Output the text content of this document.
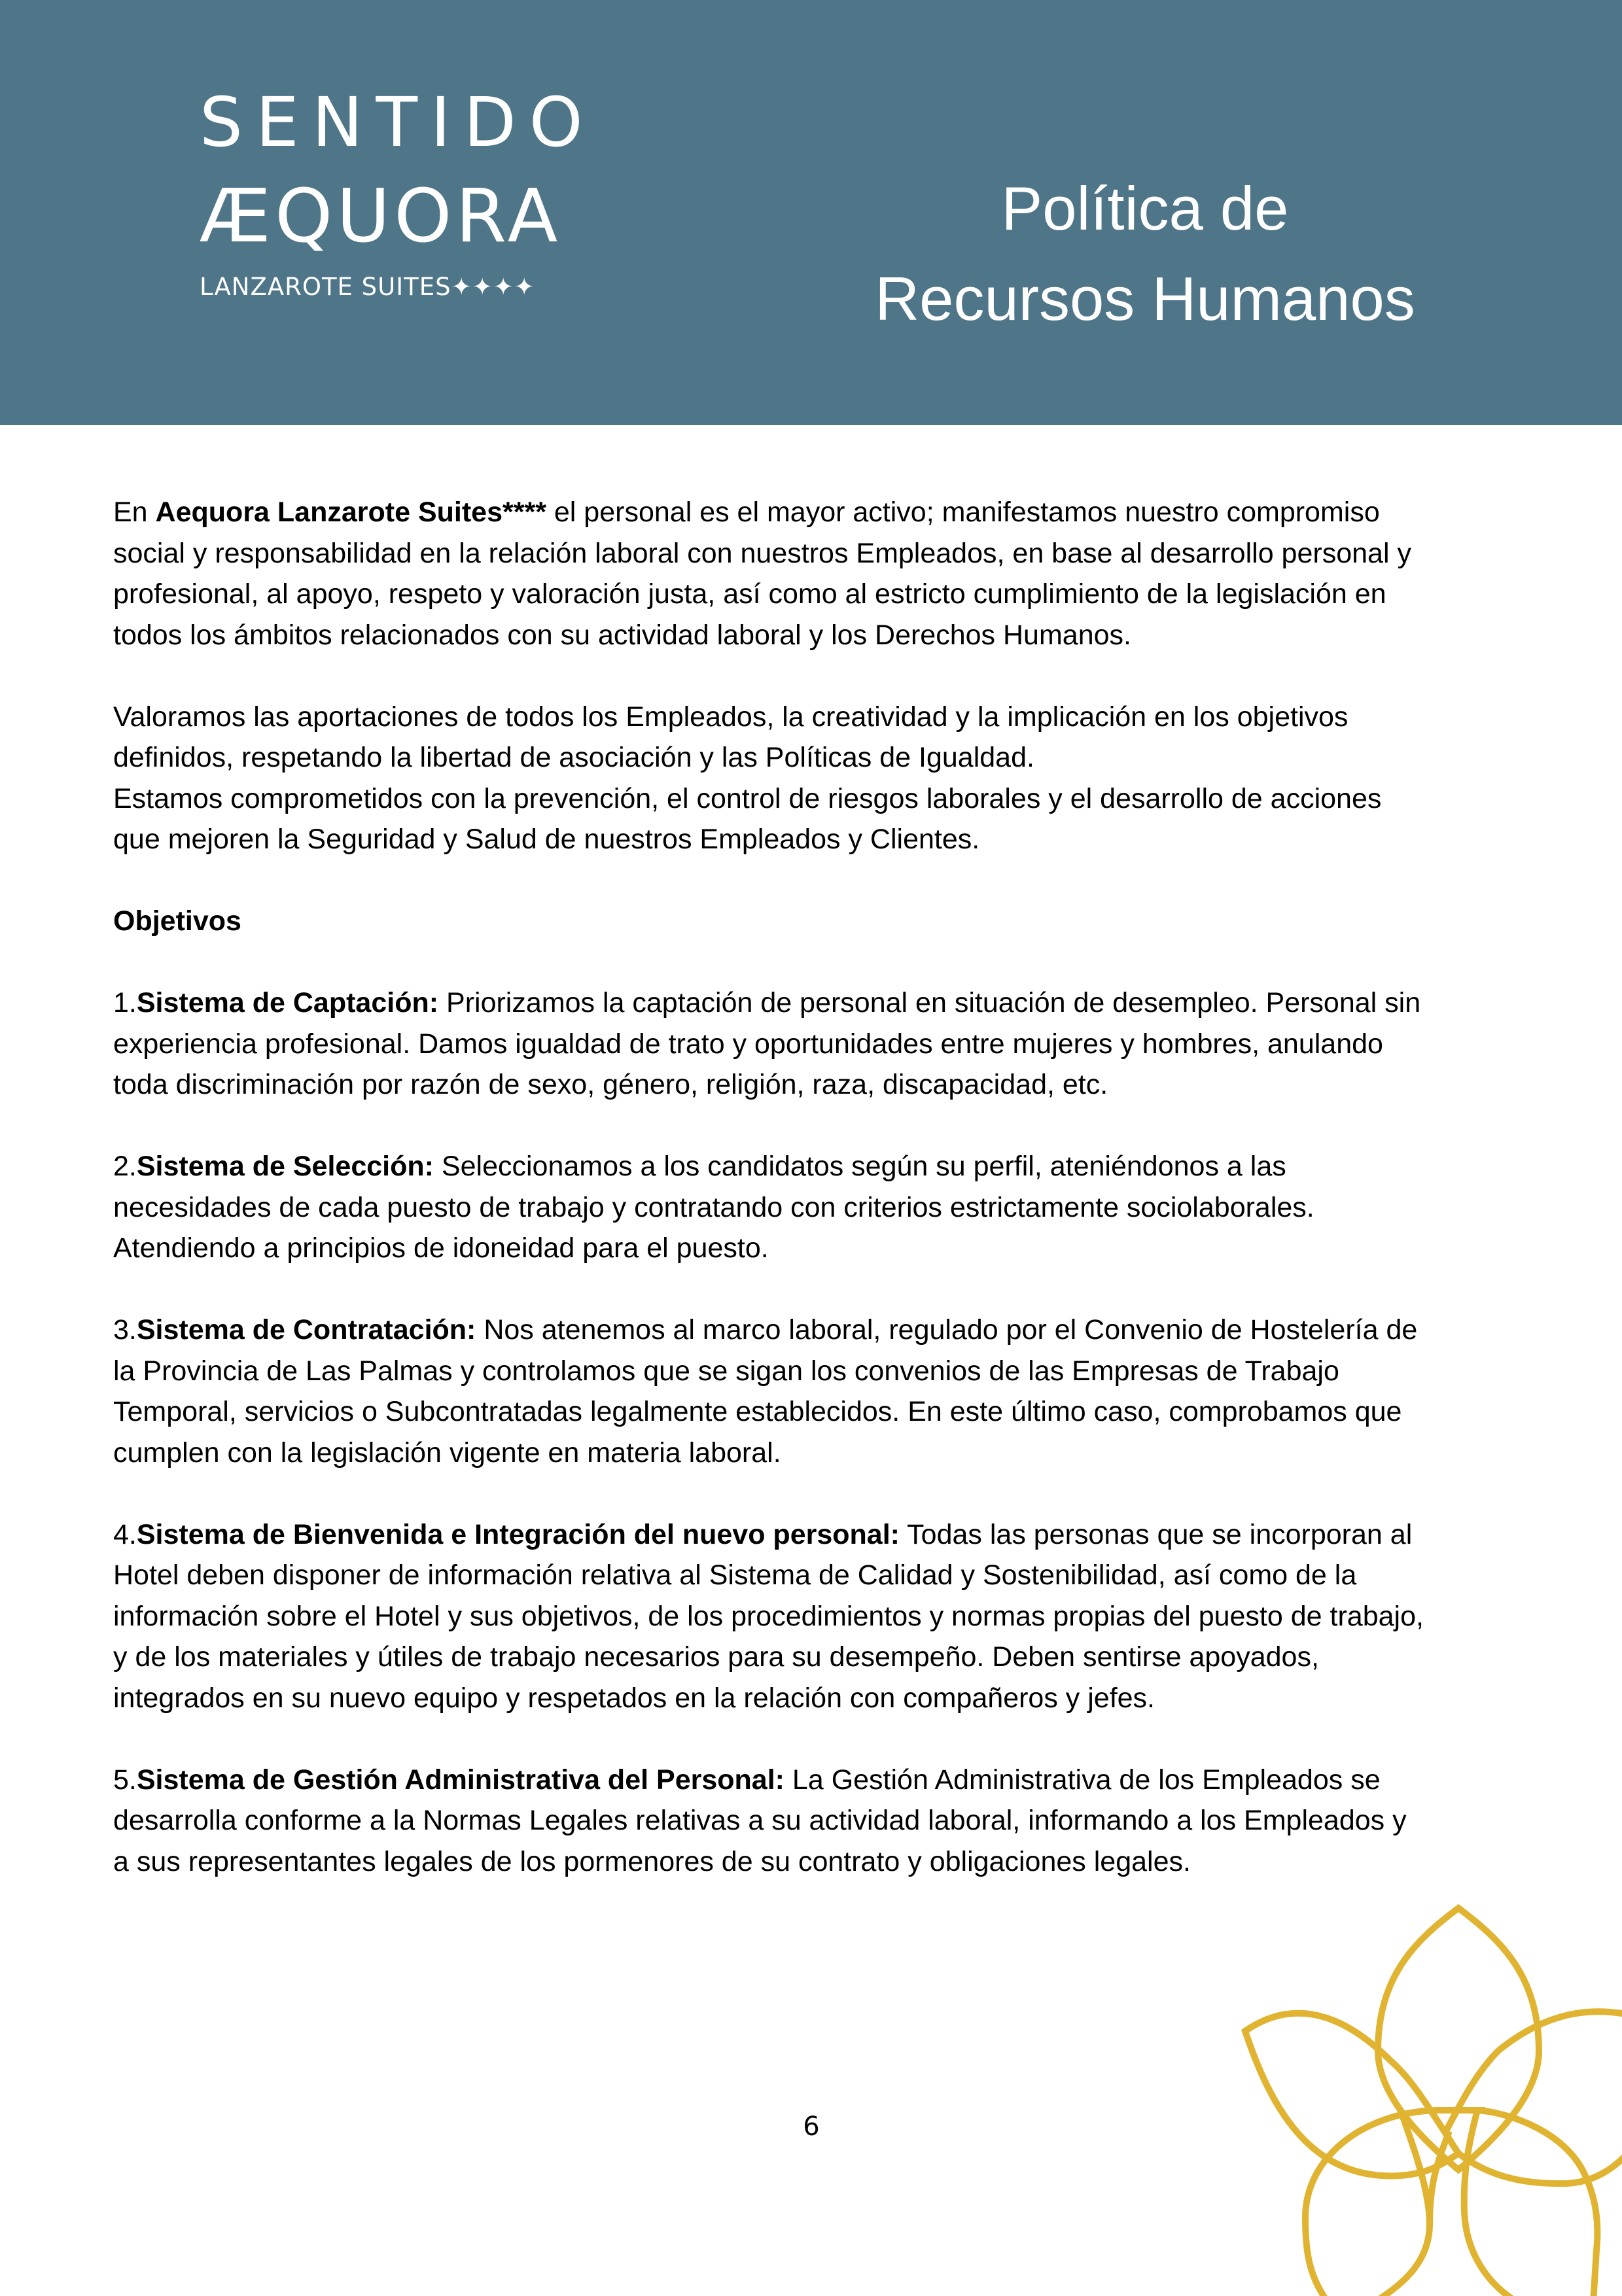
SENTIDO
ÆQUORA
LANZAROTE SUITES✦✦✦✦
Política de
Recursos Humanos

En Aequora Lanzarote Suites**** el personal es el mayor activo; manifestamos nuestro compromiso
social y responsabilidad en la relación laboral con nuestros Empleados, en base al desarrollo personal y
profesional, al apoyo, respeto y valoración justa, así como al estricto cumplimiento de la legislación en
todos los ámbitos relacionados con su actividad laboral y los Derechos Humanos.

Valoramos las aportaciones de todos los Empleados, la creatividad y la implicación en los objetivos
definidos, respetando la libertad de asociación y las Políticas de Igualdad.
Estamos comprometidos con la prevención, el control de riesgos laborales y el desarrollo de acciones
que mejoren la Seguridad y Salud de nuestros Empleados y Clientes.

Objetivos

1.Sistema de Captación: Priorizamos la captación de personal en situación de desempleo. Personal sin
experiencia profesional. Damos igualdad de trato y oportunidades entre mujeres y hombres, anulando
toda discriminación por razón de sexo, género, religión, raza, discapacidad, etc.

2.Sistema de Selección: Seleccionamos a los candidatos según su perfil, ateniéndonos a las
necesidades de cada puesto de trabajo y contratando con criterios estrictamente sociolaborales.
Atendiendo a principios de idoneidad para el puesto.

3.Sistema de Contratación: Nos atenemos al marco laboral, regulado por el Convenio de Hostelería de
la Provincia de Las Palmas y controlamos que se sigan los convenios de las Empresas de Trabajo
Temporal, servicios o Subcontratadas legalmente establecidos. En este último caso, comprobamos que
cumplen con la legislación vigente en materia laboral.

4.Sistema de Bienvenida e Integración del nuevo personal: Todas las personas que se incorporan al
Hotel deben disponer de información relativa al Sistema de Calidad y Sostenibilidad, así como de la
información sobre el Hotel y sus objetivos, de los procedimientos y normas propias del puesto de trabajo,
y de los materiales y útiles de trabajo necesarios para su desempeño. Deben sentirse apoyados,
integrados en su nuevo equipo y respetados en la relación con compañeros y jefes.

5.Sistema de Gestión Administrativa del Personal: La Gestión Administrativa de los Empleados se
desarrolla conforme a la Normas Legales relativas a su actividad laboral, informando a los Empleados y
a sus representantes legales de los pormenores de su contrato y obligaciones legales.

6
